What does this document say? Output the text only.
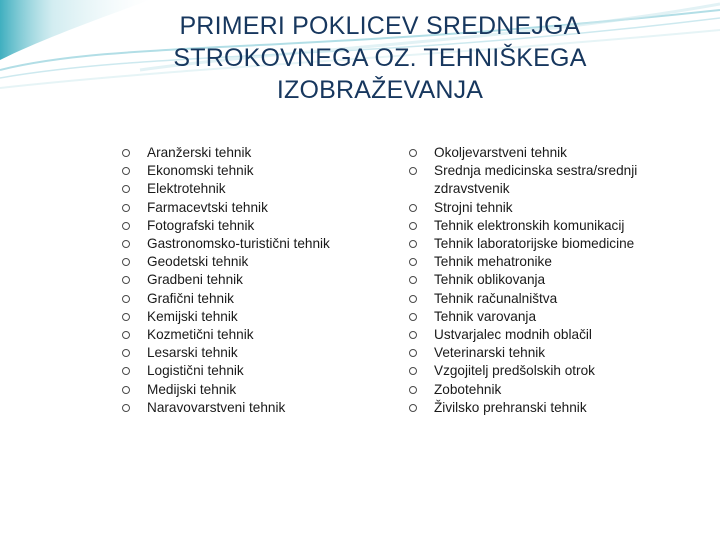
PRIMERI POKLICEV SREDNEJGA
STROKOVNEGA OZ. TEHNIŠKEGA
IZOBRAŽEVANJA
Aranžerski tehnik
Ekonomski tehnik
Elektrotehnik
Farmacevtski tehnik
Fotografski tehnik
Gastronomsko-turistični tehnik
Geodetski tehnik
Gradbeni tehnik
Grafični tehnik
Kemijski tehnik
Kozmetični tehnik
Lesarski tehnik
Logistični tehnik
Medijski tehnik
Naravovarstveni tehnik
Okoljevarstveni tehnik
Srednja medicinska sestra/srednji zdravstvenik
Strojni tehnik
Tehnik elektronskih komunikacij
Tehnik laboratorijske biomedicine
Tehnik mehatronike
Tehnik oblikovanja
Tehnik računalništva
Tehnik varovanja
Ustvarjalec modnih oblačil
Veterinarski tehnik
Vzgojitelj predšolskih otrok
Zobotehnik
Živilsko prehranski tehnik
